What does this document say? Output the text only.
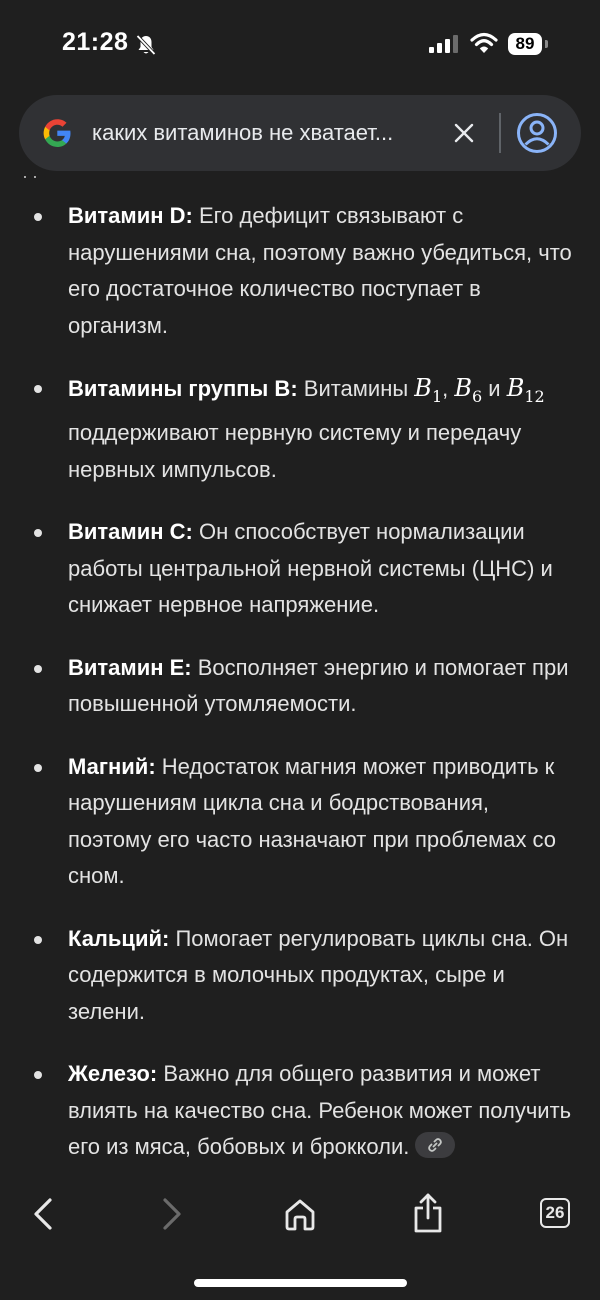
21:28	89
каких витаминов не хватает...
··
Витамин D: Его дефицит связывают с нарушениями сна, поэтому важно убедиться, что его достаточное количество поступает в организм.
Витамины группы B: Витамины $B_1$, $B_6$ и $B_{12}$ поддерживают нервную систему и передачу нервных импульсов.
Витамин C: Он способствует нормализации работы центральной нервной системы (ЦНС) и снижает нервное напряжение.
Витамин E: Восполняет энергию и помогает при повышенной утомляемости.
Магний: Недостаток магния может приводить к нарушениям цикла сна и бодрствования, поэтому его часто назначают при проблемах со сном.
Кальций: Помогает регулировать циклы сна. Он содержится в молочных продуктах, сыре и зелени.
Железо: Важно для общего развития и может влиять на качество сна. Ребенок может получить его из мяса, бобовых и брокколи.
26
